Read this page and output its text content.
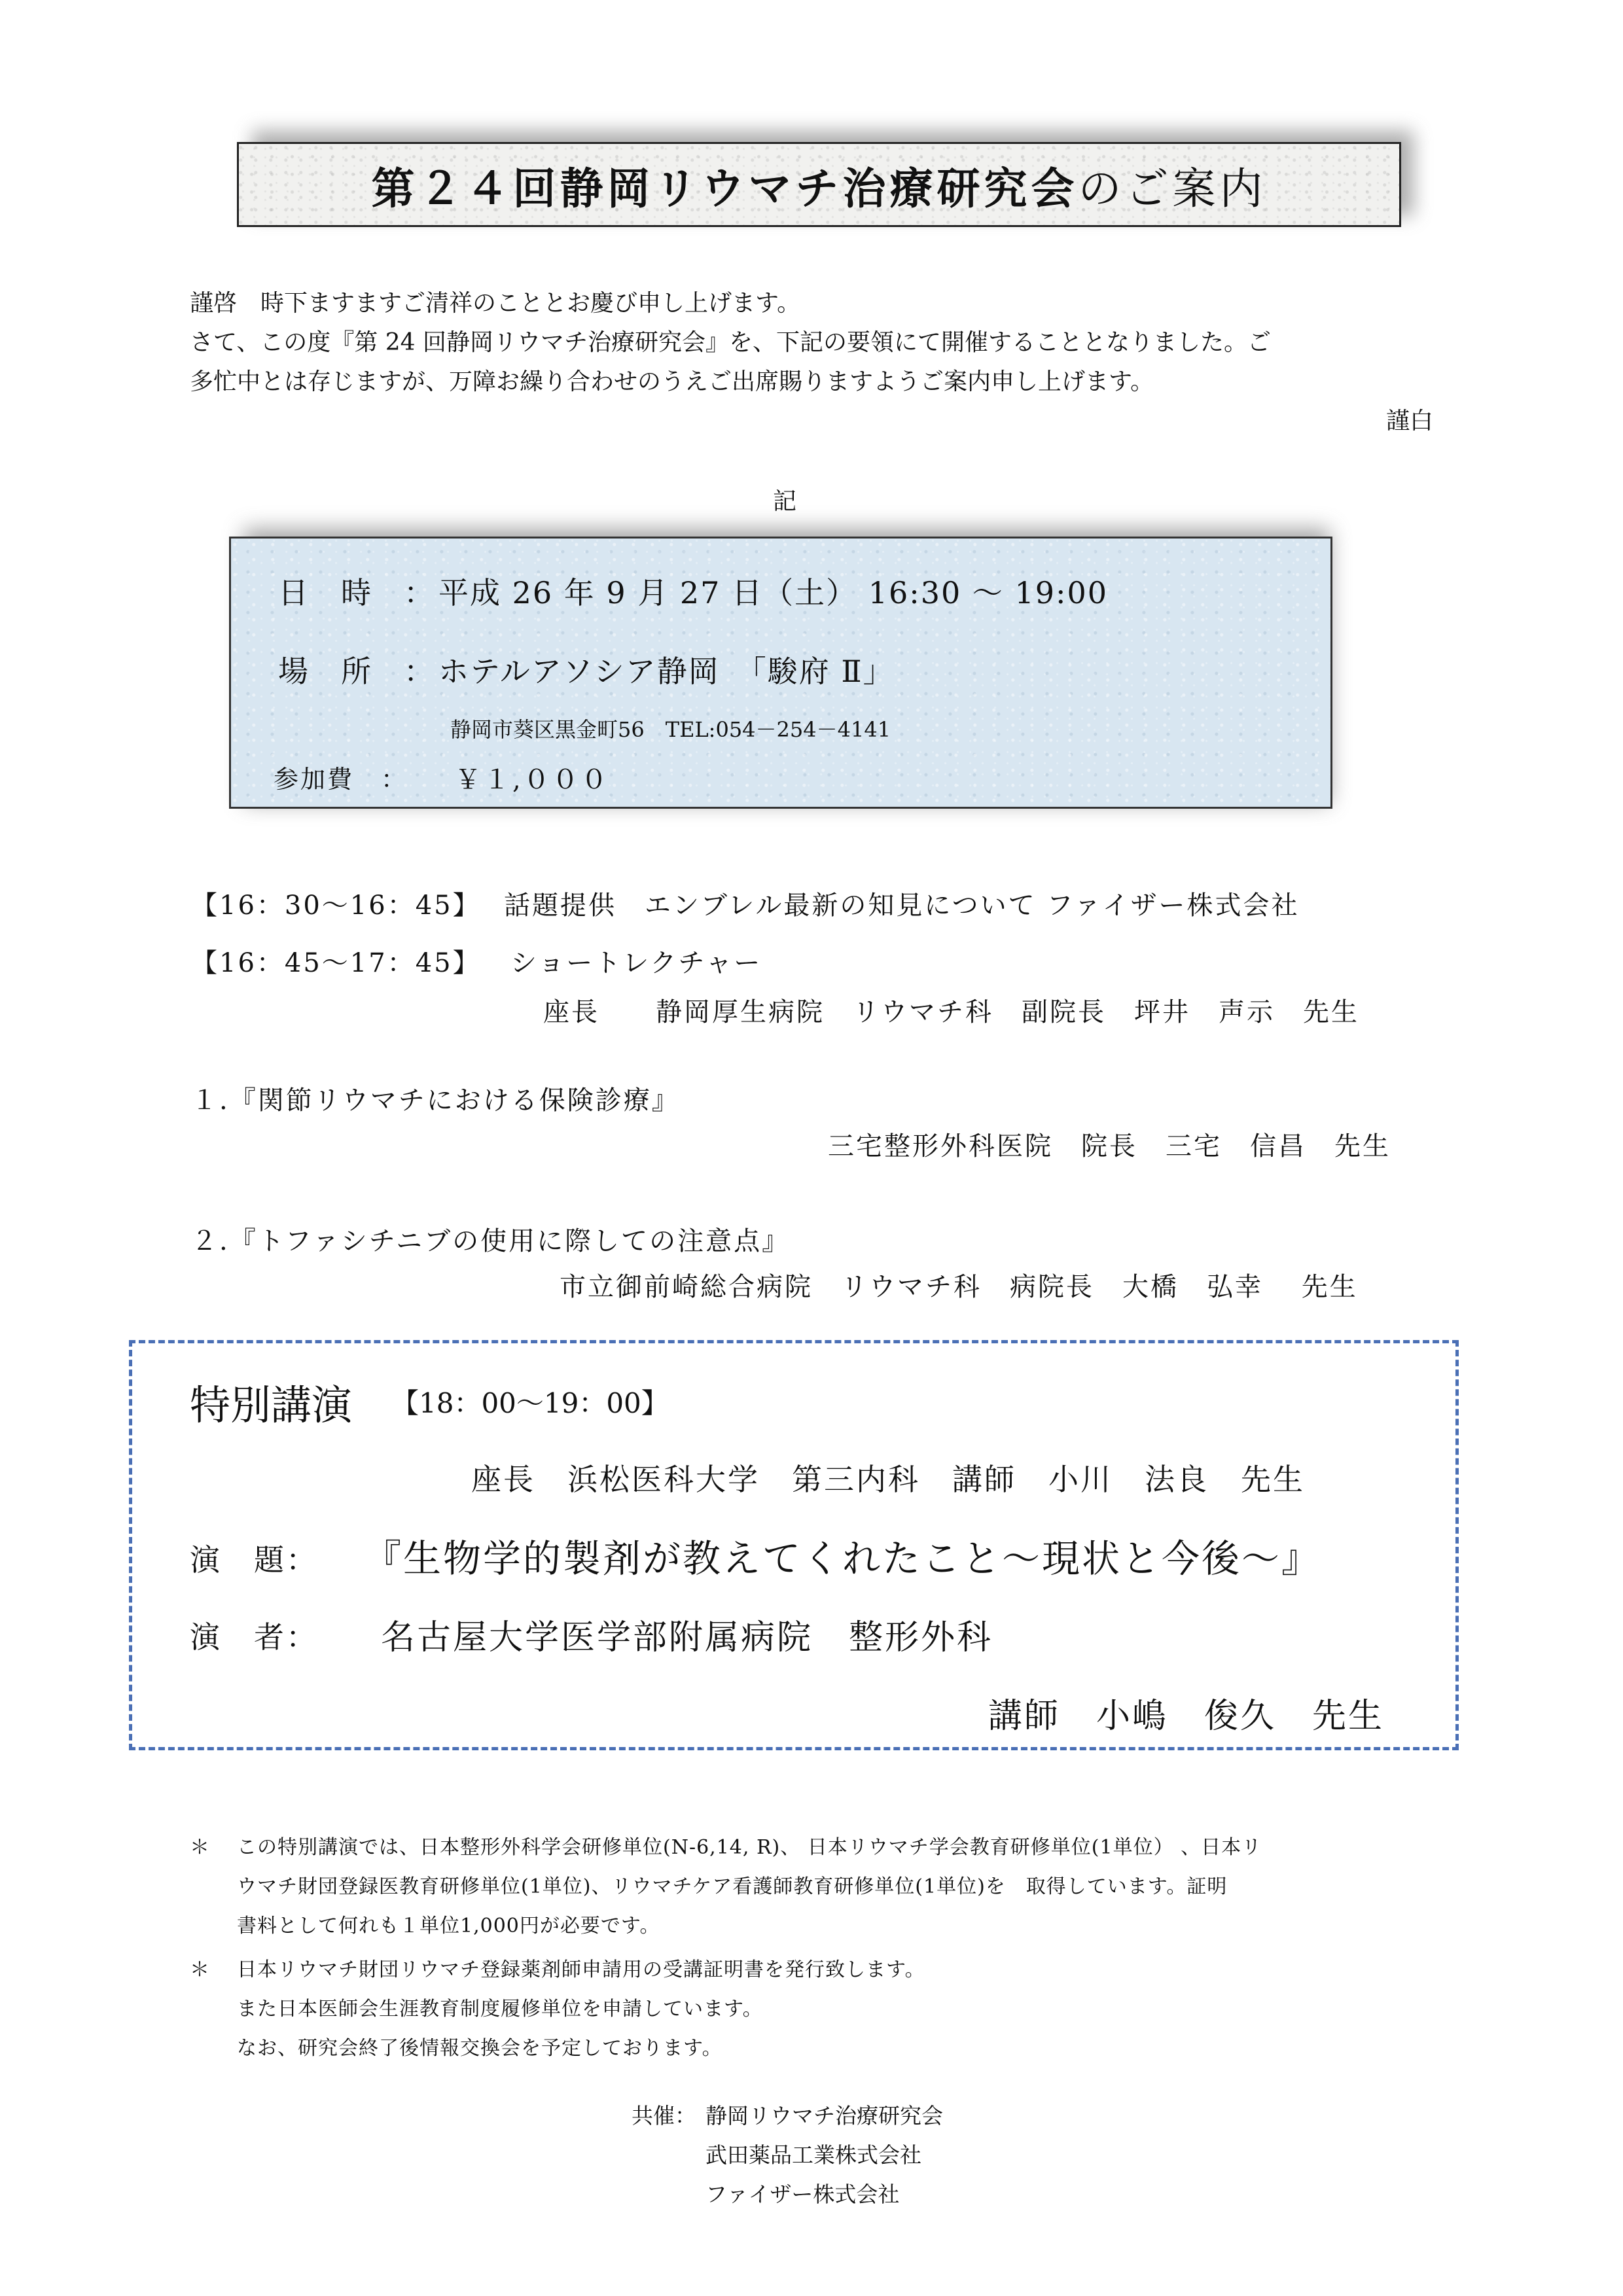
第２４回静岡リウマチ治療研究会のご案内
謹啓　時下ますますご清祥のこととお慶び申し上げます。
さて、この度『第 24 回静岡リウマチ治療研究会』を、下記の要領にて開催することとなりました。ご
多忙中とは存じますが、万障お繰り合わせのうえご出席賜りますようご案内申し上げます。
謹白
記
日　時　： 平成 26 年 9 月 27 日（土） 16:30 ～ 19:00
場　所　： ホテルアソシア静岡　「駿府 Ⅱ」
静岡市葵区黒金町56　TEL:054－254－4141
参加費　： ￥１,０００
【16：30～16：45】 話題提供　エンブレル最新の知見について ファイザー株式会社
【16：45～17：45】 ショートレクチャー
座長　　静岡厚生病院　リウマチ科　副院長　坪井　声示　先生
１.『関節リウマチにおける保険診療』
三宅整形外科医院　院長　三宅　信昌　先生
２.『トファシチニブの使用に際しての注意点』
市立御前崎総合病院　リウマチ科　病院長　大橋　弘幸　 先生
特別講演 【18：00～19：00】
座長　浜松医科大学　第三内科　講師　小川　法良　先生
演　題： 『生物学的製剤が教えてくれたこと～現状と今後～』
演　者： 名古屋大学医学部附属病院　整形外科
講師　小嶋　俊久　先生
＊ この特別講演では、日本整形外科学会研修単位(N-6,14, R)、 日本リウマチ学会教育研修単位(1単位） 、日本リ
ウマチ財団登録医教育研修単位(1単位)、リウマチケア看護師教育研修単位(1単位)を　取得しています。証明
書料として何れも１単位1,000円が必要です。
＊ 日本リウマチ財団リウマチ登録薬剤師申請用の受講証明書を発行致します。
また日本医師会生涯教育制度履修単位を申請しています。
なお、研究会終了後情報交換会を予定しております。
共催： 静岡リウマチ治療研究会
武田薬品工業株式会社
ファイザー株式会社
